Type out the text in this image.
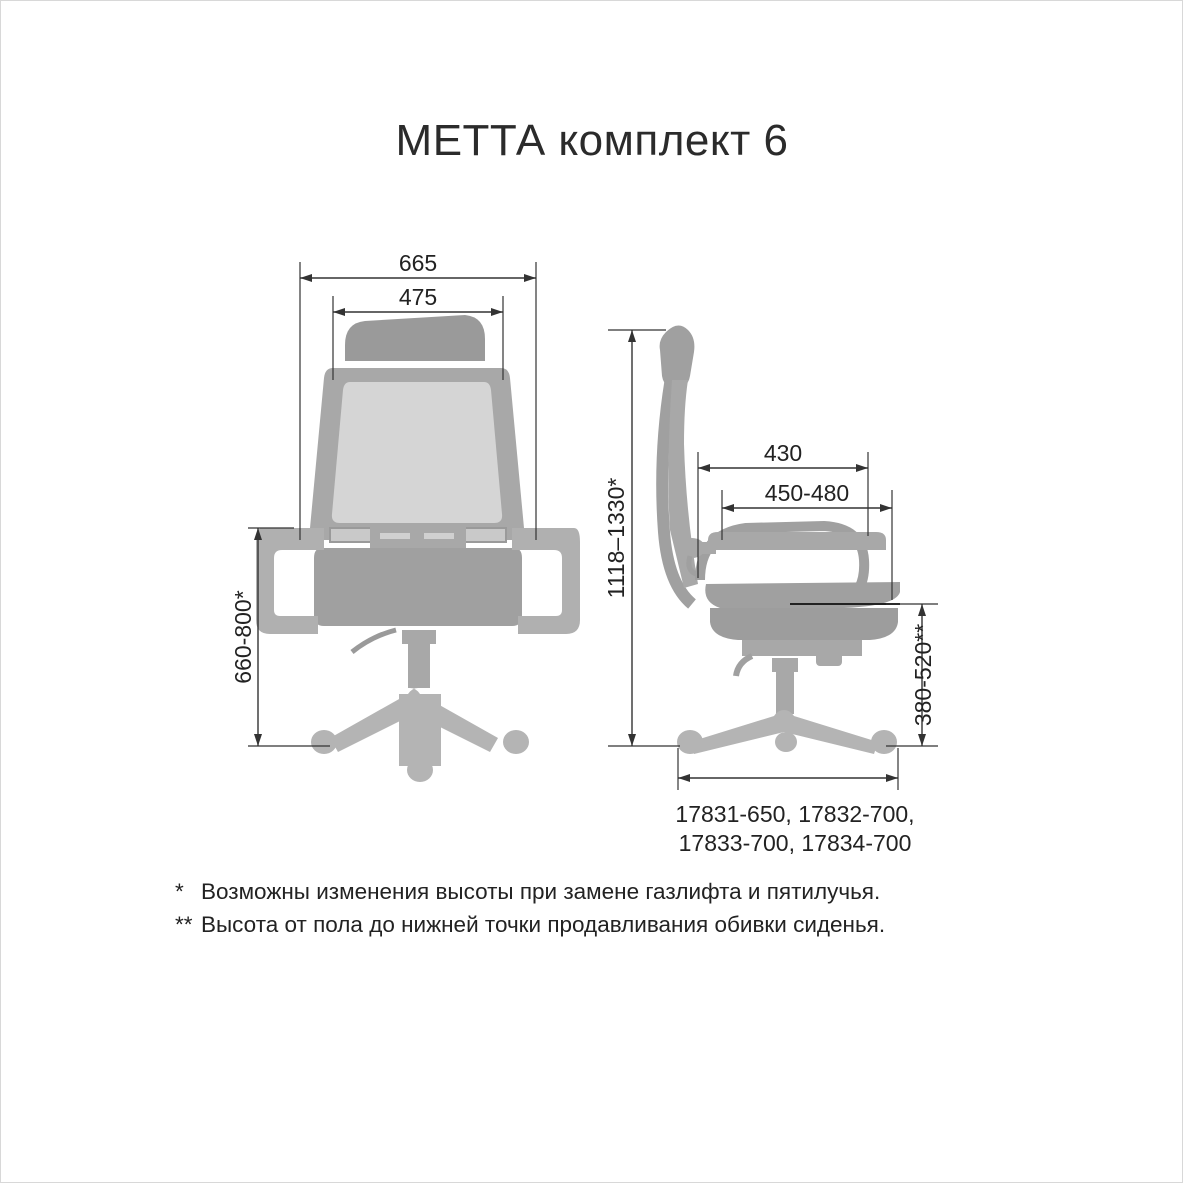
МЕТТА комплект 6
665
475
660-800*
1118–1330*
430
450-480
380-520**
17831-650, 17832-700,
17833-700, 17834-700
* Возможны изменения высоты при замене газлифта и пятилучья.
** Высота от пола до нижней точки продавливания обивки сиденья.
